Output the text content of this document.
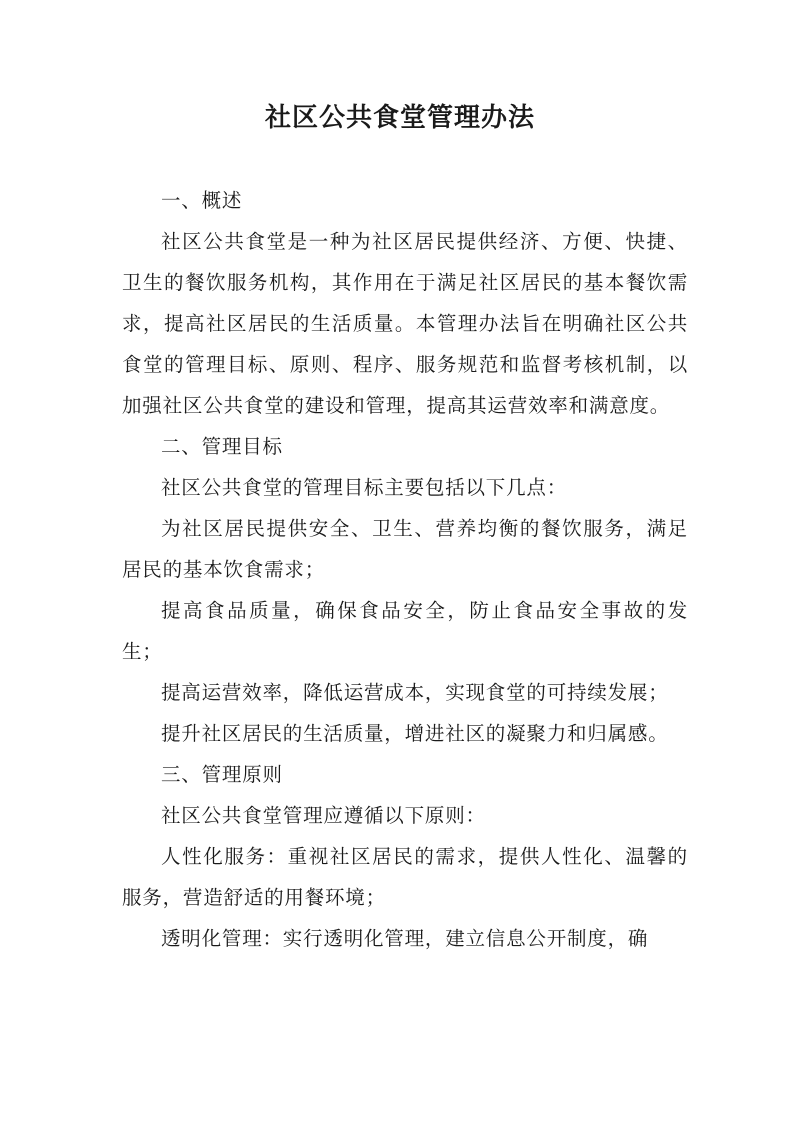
社区公共食堂管理办法

一、概述

社区公共食堂是一种为社区居民提供经济、方便、快捷、卫生的餐饮服务机构，其作用在于满足社区居民的基本餐饮需求，提高社区居民的生活质量。本管理办法旨在明确社区公共食堂的管理目标、原则、程序、服务规范和监督考核机制，以加强社区公共食堂的建设和管理，提高其运营效率和满意度。

二、管理目标

社区公共食堂的管理目标主要包括以下几点：

为社区居民提供安全、卫生、营养均衡的餐饮服务，满足居民的基本饮食需求；

提高食品质量，确保食品安全，防止食品安全事故的发生；

提高运营效率，降低运营成本，实现食堂的可持续发展；

提升社区居民的生活质量，增进社区的凝聚力和归属感。

三、管理原则

社区公共食堂管理应遵循以下原则：

人性化服务：重视社区居民的需求，提供人性化、温馨的服务，营造舒适的用餐环境；

透明化管理：实行透明化管理，建立信息公开制度，确
